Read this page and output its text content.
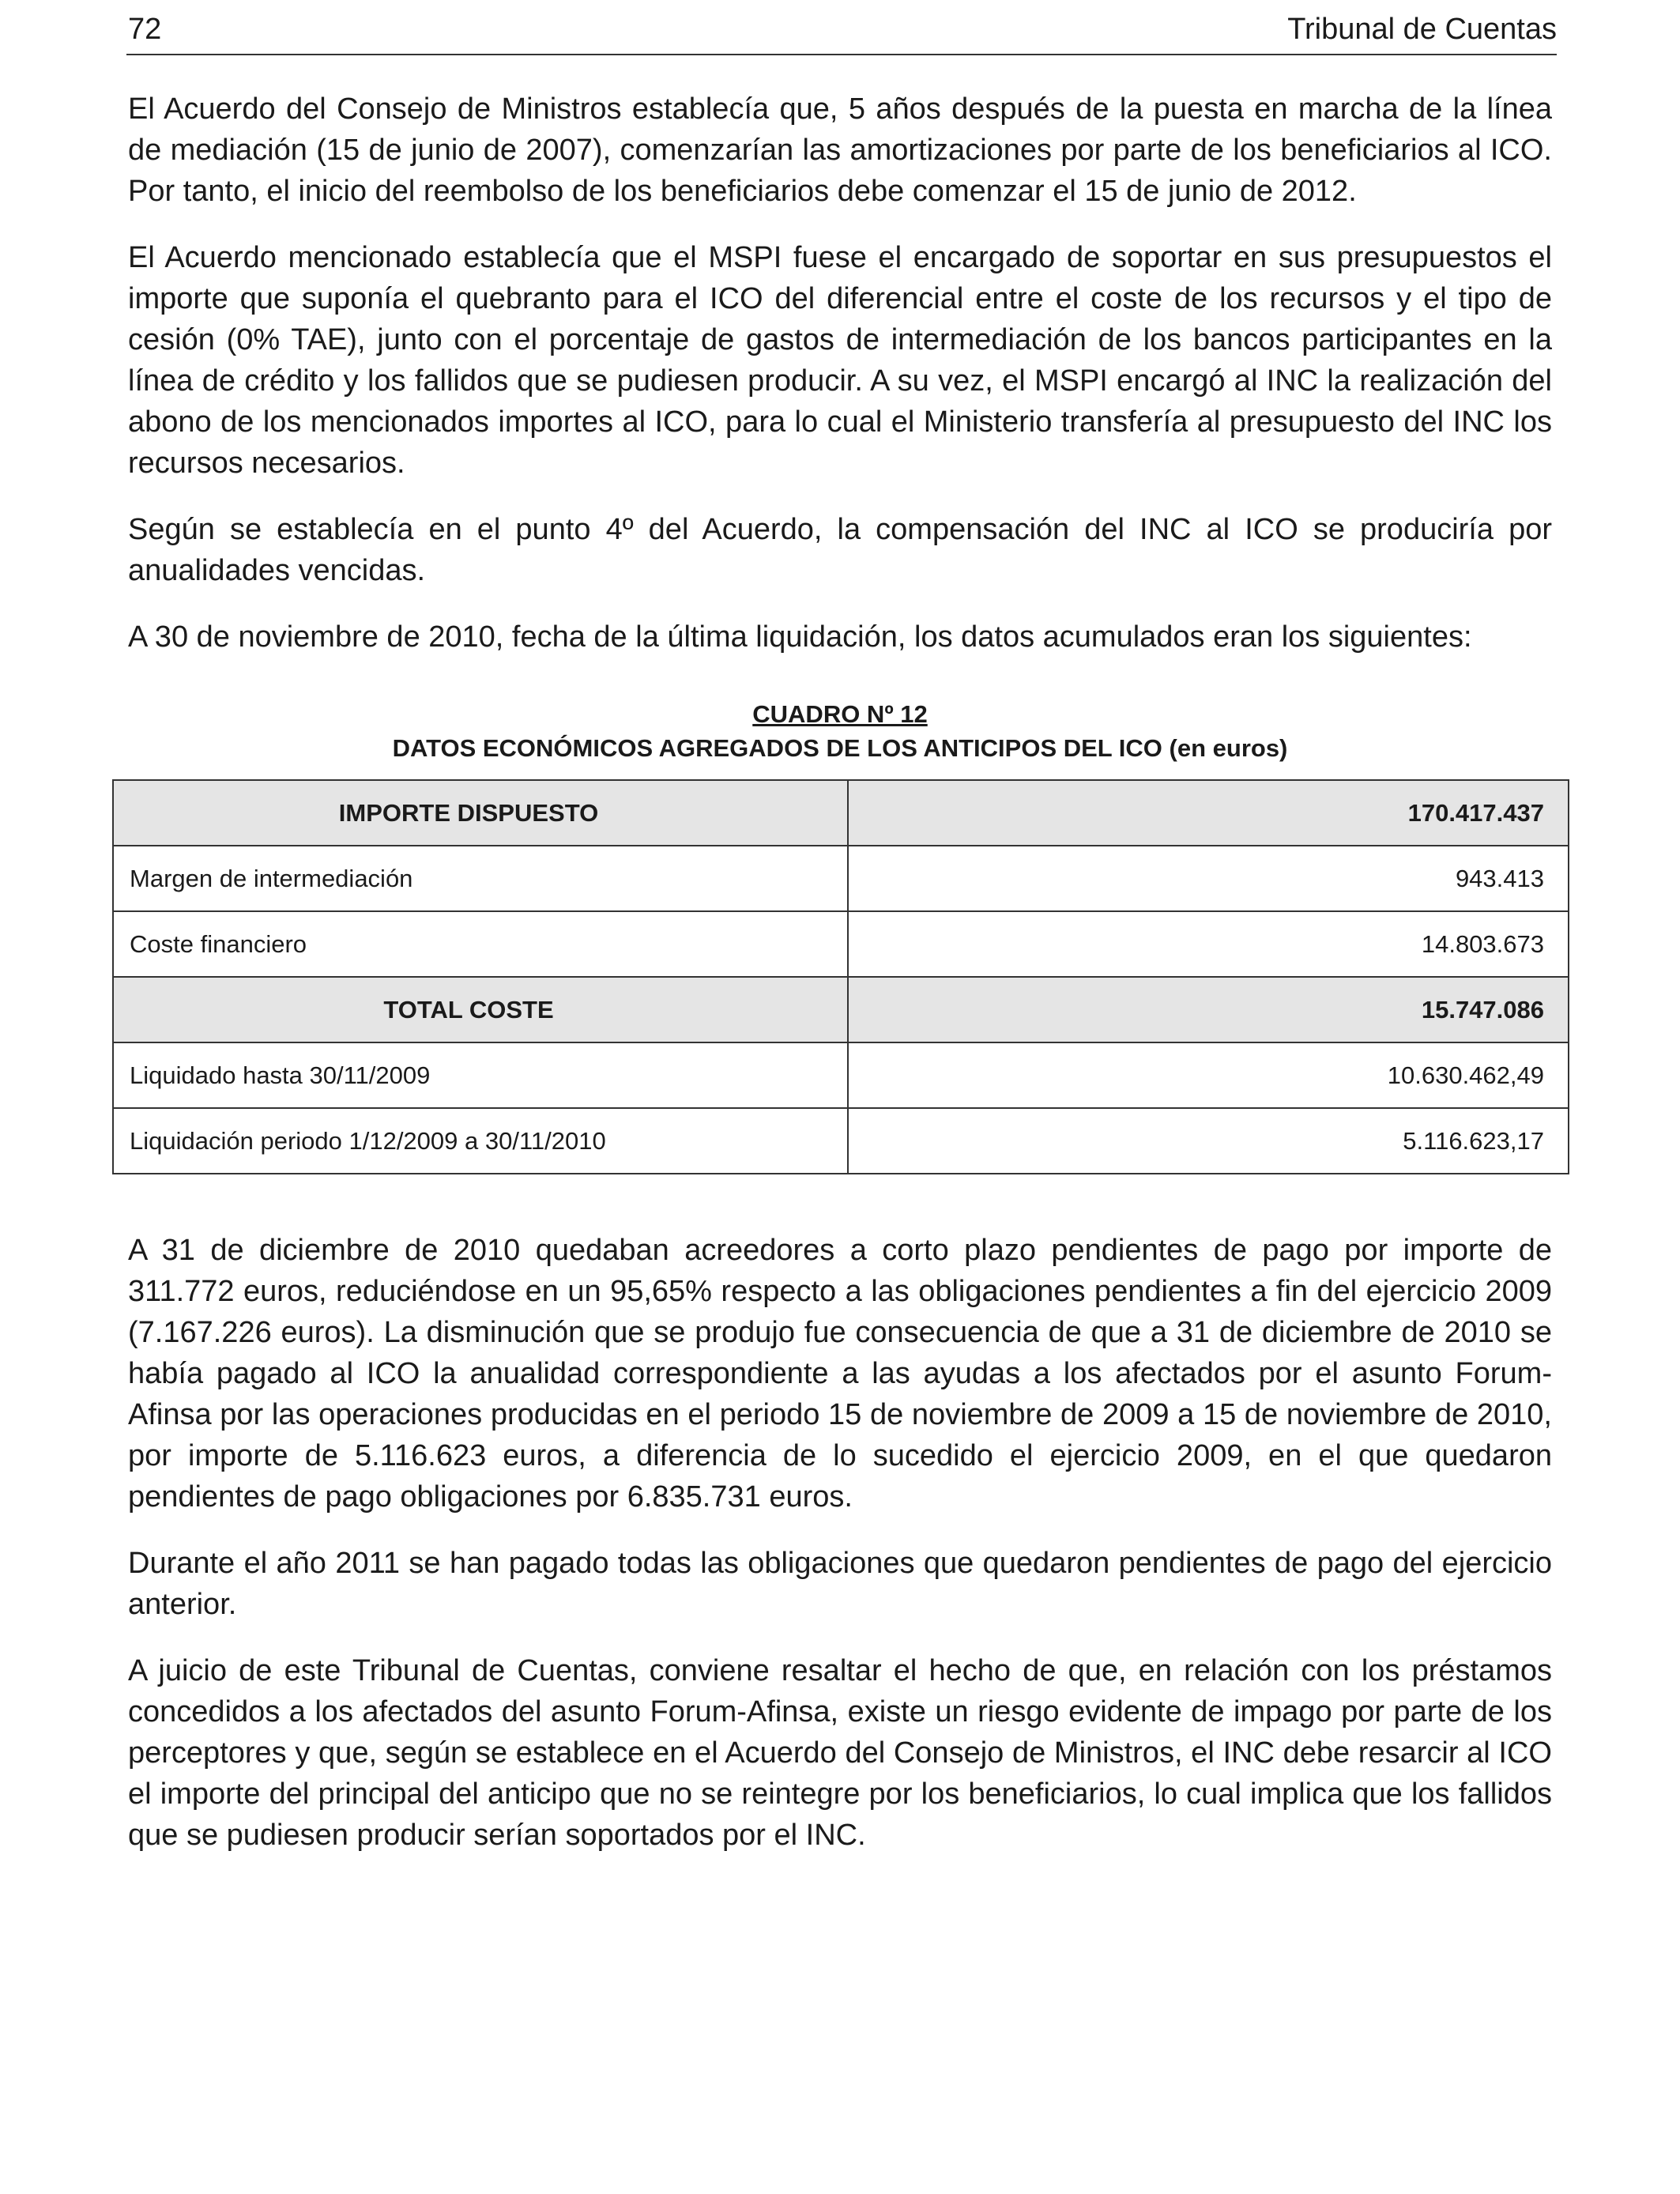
72	Tribunal de Cuentas

El Acuerdo del Consejo de Ministros establecía que, 5 años después de la puesta en marcha de la línea de mediación (15 de junio de 2007), comenzarían las amortizaciones por parte de los beneficiarios al ICO. Por tanto, el inicio del reembolso de los beneficiarios debe comenzar el 15 de junio de 2012.

El Acuerdo mencionado establecía que el MSPI fuese el encargado de soportar en sus presupuestos el importe que suponía el quebranto para el ICO del diferencial entre el coste de los recursos y el tipo de cesión (0% TAE), junto con el porcentaje de gastos de intermediación de los bancos participantes en la línea de crédito y los fallidos que se pudiesen producir. A su vez, el MSPI encargó al INC la realización del abono de los mencionados importes al ICO, para lo cual el Ministerio transfería al presupuesto del INC los recursos necesarios.

Según se establecía en el punto 4º del Acuerdo, la compensación del INC al ICO se produciría por anualidades vencidas.

A 30 de noviembre de 2010, fecha de la última liquidación, los datos acumulados eran los siguientes:

CUADRO Nº 12
DATOS ECONÓMICOS AGREGADOS DE LOS ANTICIPOS DEL ICO (en euros)
IMPORTE DISPUESTO	170.417.437
Margen de intermediación	943.413
Coste financiero	14.803.673
TOTAL COSTE	15.747.086
Liquidado hasta 30/11/2009	10.630.462,49
Liquidación periodo 1/12/2009 a 30/11/2010	5.116.623,17

A 31 de diciembre de 2010 quedaban acreedores a corto plazo pendientes de pago por importe de 311.772 euros, reduciéndose en un 95,65% respecto a las obligaciones pendientes a fin del ejercicio 2009 (7.167.226 euros). La disminución que se produjo fue consecuencia de que a 31 de diciembre de 2010 se había pagado al ICO la anualidad correspondiente a las ayudas a los afectados por el asunto Forum-Afinsa por las operaciones producidas en el periodo 15 de noviembre de 2009 a 15 de noviembre de 2010, por importe de 5.116.623 euros, a diferencia de lo sucedido el ejercicio 2009, en el que quedaron pendientes de pago obligaciones por 6.835.731 euros.

Durante el año 2011 se han pagado todas las obligaciones que quedaron pendientes de pago del ejercicio anterior.

A juicio de este Tribunal de Cuentas, conviene resaltar el hecho de que, en relación con los préstamos concedidos a los afectados del asunto Forum-Afinsa, existe un riesgo evidente de impago por parte de los perceptores y que, según se establece en el Acuerdo del Consejo de Ministros, el INC debe resarcir al ICO el importe del principal del anticipo que no se reintegre por los beneficiarios, lo cual implica que los fallidos que se pudiesen producir serían soportados por el INC.
